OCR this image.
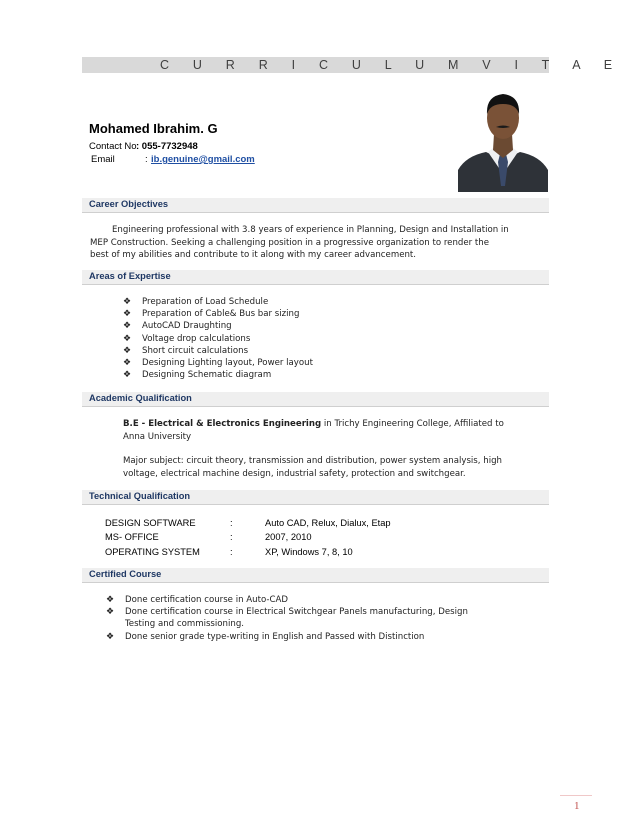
C U R R I C U L U M V I T A E
Mohamed Ibrahim. G
Contact No : 055-7732948
Email	: ib.genuine@gmail.com
Career Objectives
Engineering professional with 3.8 years of experience in Planning, Design and Installation in
MEP Construction. Seeking a challenging position in a progressive organization to render the
best of my abilities and contribute to it along with my career advancement.
Areas of Expertise
❖ Preparation of Load Schedule
❖ Preparation of Cable& Bus bar sizing
❖ AutoCAD Draughting
❖ Voltage drop calculations
❖ Short circuit calculations
❖ Designing Lighting layout, Power layout
❖ Designing Schematic diagram
Academic Qualification
B.E - Electrical & Electronics Engineering in Trichy Engineering College, Affiliated to
Anna University
Major subject: circuit theory, transmission and distribution, power system analysis, high
voltage, electrical machine design, industrial safety, protection and switchgear.
Technical Qualification
DESIGN SOFTWARE	:	Auto CAD, Relux, Dialux, Etap
MS- OFFICE	:	2007, 2010
OPERATING SYSTEM	:	XP, Windows 7, 8, 10
Certified Course
❖ Done certification course in Auto-CAD
❖ Done certification course in Electrical Switchgear Panels manufacturing, Design
Testing and commissioning.
❖ Done senior grade type-writing in English and Passed with Distinction
1
